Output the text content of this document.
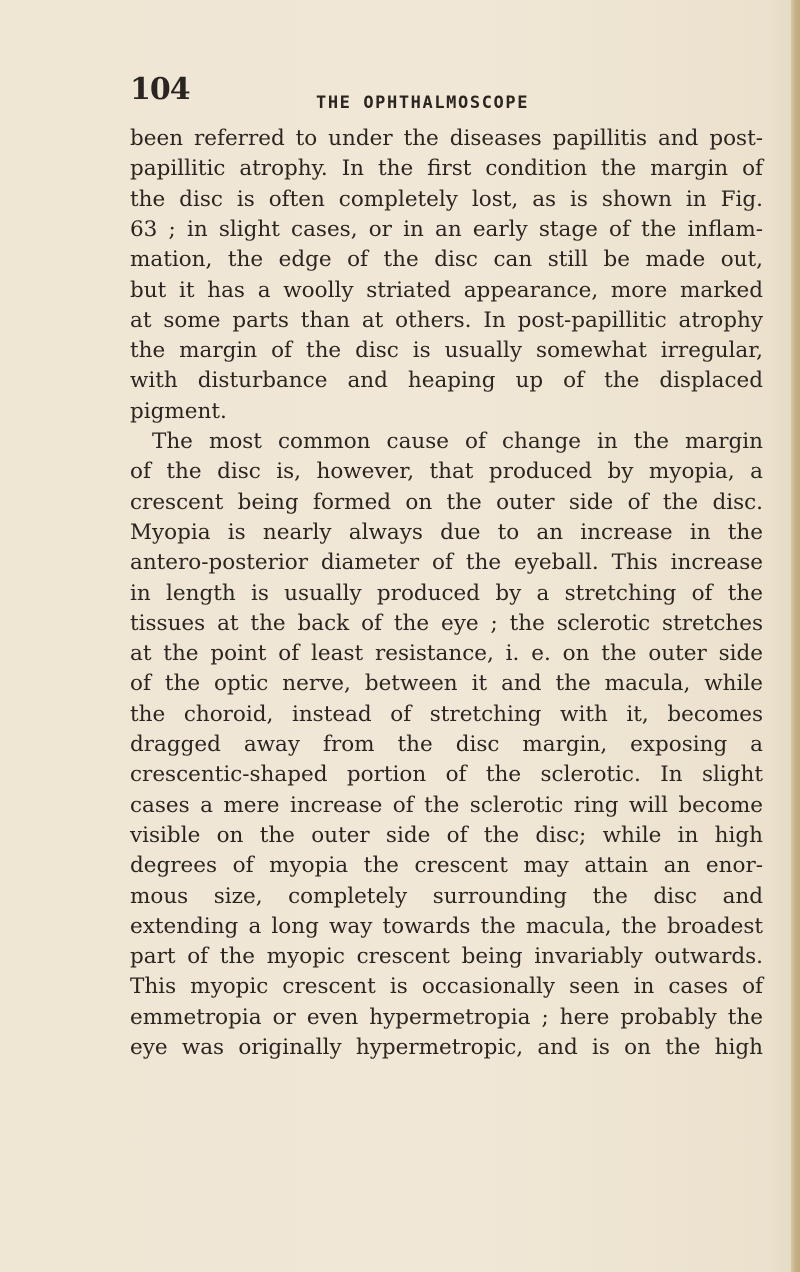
104	THE OPHTHALMOSCOPE
been referred to under the diseases papillitis and post-
papillitic atrophy. In the first condition the margin of
the disc is often completely lost, as is shown in Fig.
63 ; in slight cases, or in an early stage of the inflam-
mation, the edge of the disc can still be made out,
but it has a woolly striated appearance, more marked
at some parts than at others. In post-papillitic atrophy
the margin of the disc is usually somewhat irregular,
with disturbance and heaping up of the displaced
pigment.
The most common cause of change in the margin
of the disc is, however, that produced by myopia, a
crescent being formed on the outer side of the disc.
Myopia is nearly always due to an increase in the
antero-posterior diameter of the eyeball. This increase
in length is usually produced by a stretching of the
tissues at the back of the eye ; the sclerotic stretches
at the point of least resistance, i. e. on the outer side
of the optic nerve, between it and the macula, while
the choroid, instead of stretching with it, becomes
dragged away from the disc margin, exposing a
crescentic-shaped portion of the sclerotic. In slight
cases a mere increase of the sclerotic ring will become
visible on the outer side of the disc; while in high
degrees of myopia the crescent may attain an enor-
mous size, completely surrounding the disc and
extending a long way towards the macula, the broadest
part of the myopic crescent being invariably outwards.
This myopic crescent is occasionally seen in cases of
emmetropia or even hypermetropia ; here probably the
eye was originally hypermetropic, and is on the high
